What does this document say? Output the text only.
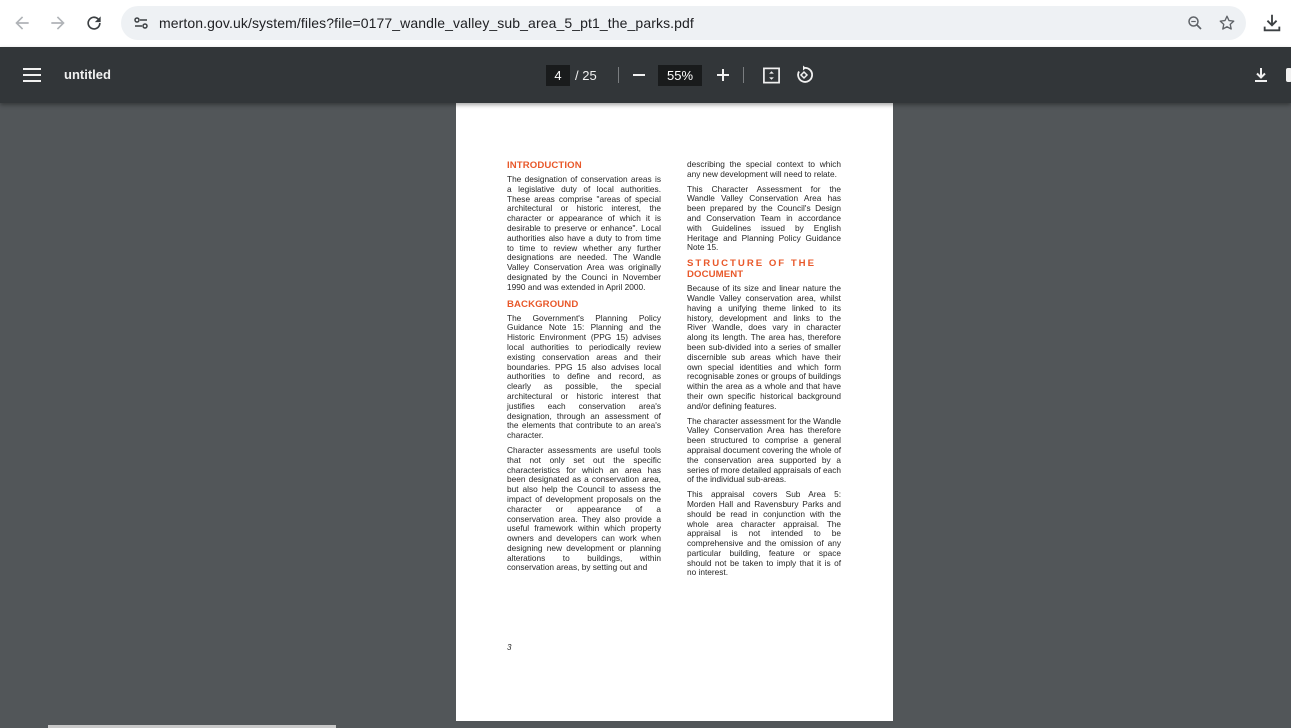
merton.gov.uk/system/files?file=0177_wandle_valley_sub_area_5_pt1_the_parks.pdf
untitled	4	/ 25	55%
INTRODUCTION

The designation of conservation areas is a legislative duty of local authorities. These areas comprise "areas of special architectural or historic interest, the character or appearance of which it is desirable to preserve or enhance". Local authorities also have a duty to from time to time to review whether any further designations are needed. The Wandle Valley Conservation Area was originally designated by the Counci in November 1990 and was extended in April 2000.

BACKGROUND

The Government's Planning Policy Guidance Note 15: Planning and the Historic Environment (PPG 15) advises local authorities to periodically review existing conservation areas and their boundaries. PPG 15 also advises local authorities to define and record, as clearly as possible, the special architectural or historic interest that justifies each conservation area's designation, through an assessment of the elements that contribute to an area's character.

Character assessments are useful tools that not only set out the specific characteristics for which an area has been designated as a conservation area, but also help the Council to assess the impact of development proposals on the character or appearance of a conservation area. They also provide a useful framework within which property owners and developers can work when designing new development or planning alterations to buildings, within conservation areas, by setting out and

describing the special context to which any new development will need to relate.

This Character Assessment for the Wandle Valley Conservation Area has been prepared by the Council's Design and Conservation Team in accordance with Guidelines issued by English Heritage and Planning Policy Guidance Note 15.

STRUCTURE OF THE
DOCUMENT

Because of its size and linear nature the Wandle Valley conservation area, whilst having a unifying theme linked to its history, development and links to the River Wandle, does vary in character along its length. The area has, therefore been sub-divided into a series of smaller discernible sub areas which have their own special identities and which form recognisable zones or groups of buildings within the area as a whole and that have their own specific historical background and/or defining features.

The character assessment for the Wandle Valley Conservation Area has therefore been structured to comprise a general appraisal document covering the whole of the conservation area supported by a series of more detailed appraisals of each of the individual sub-areas.

This appraisal covers Sub Area 5: Morden Hall and Ravensbury Parks and should be read in conjunction with the whole area character appraisal. The appraisal is not intended to be comprehensive and the omission of any particular building, feature or space should not be taken to imply that it is of no interest.

3
